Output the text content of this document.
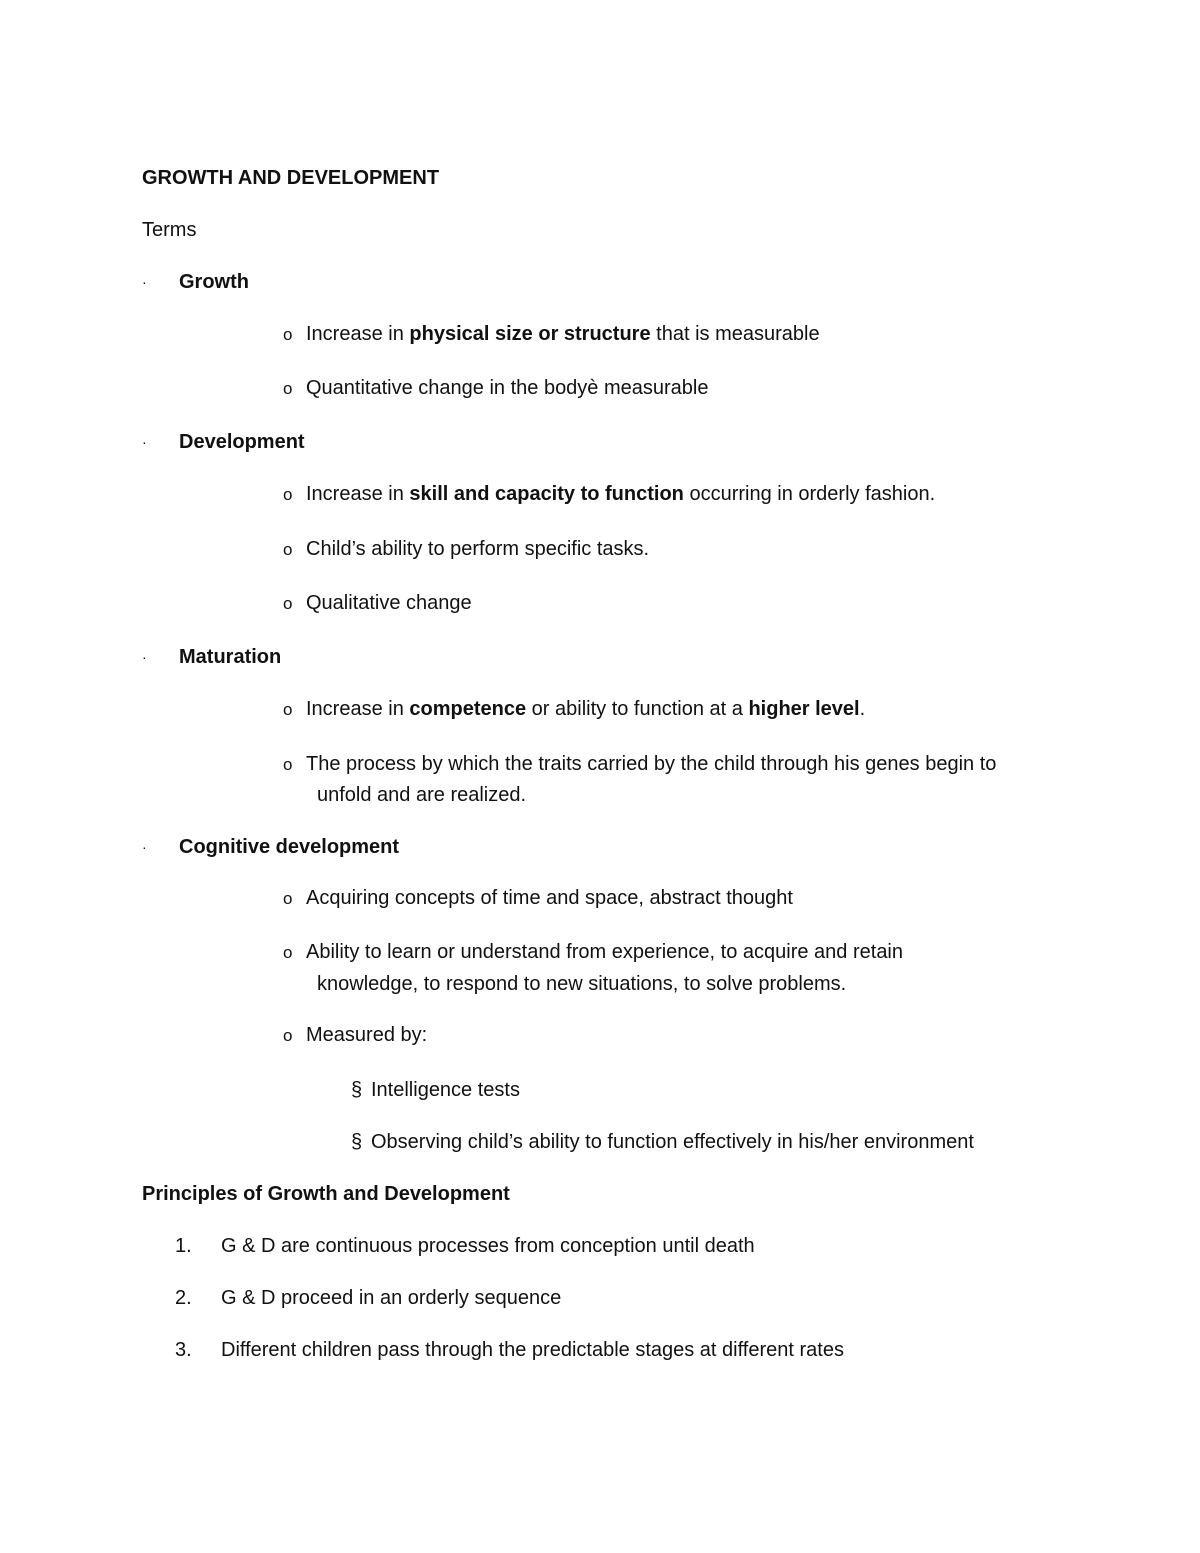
GROWTH AND DEVELOPMENT
Terms
· Growth
o Increase in physical size or structure that is measurable
o Quantitative change in the bodyè measurable
· Development
o Increase in skill and capacity to function occurring in orderly fashion.
o Child’s ability to perform specific tasks.
o Qualitative change
· Maturation
o Increase in competence or ability to function at a higher level.
o The process by which the traits carried by the child through his genes begin to
unfold and are realized.
· Cognitive development
o Acquiring concepts of time and space, abstract thought
o Ability to learn or understand from experience, to acquire and retain
knowledge, to respond to new situations, to solve problems.
o Measured by:
§ Intelligence tests
§ Observing child’s ability to function effectively in his/her environment
Principles of Growth and Development
1. G & D are continuous processes from conception until death
2. G & D proceed in an orderly sequence
3. Different children pass through the predictable stages at different rates
